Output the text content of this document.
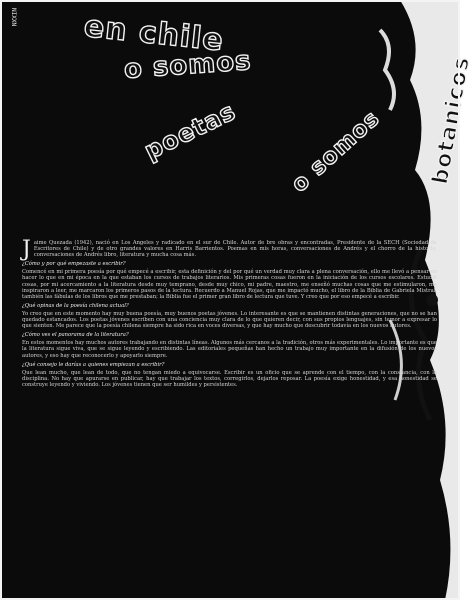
NIXXN en chile
o somos
poetas o somos botanicos

J aime Quezada (1942), nació en Los Angeles y radicado en el sur de Chile. Autor de bre obras y encontradas, Presidente de la SECH (Sociedad de Escritores de Chile) y de otro grandes valores en Harris Barrientos. Poemas en mis horas, conversaciones de Andrés y el chorro de la historia, conversaciones de Andrés libro, literatura y mucha cosa más.

¿Cómo y por qué empezaste a escribir?

Comencé en mi primera poesía por qué empecé a escribir, esta definición y del por qué un verdad muy clara a plena conversación, ello me llevó a pensar en hacer lo que en mi época en la que estaban los cursos de trabajos literarios. Mis primeras cosas fueron en la iniciación de los cursos escolares. Estudié cosas, por mi acercamiento a la literatura desde muy temprano, desde muy chico, mi padre, maestro, me enseñó muchas cosas que me estimularon, me inspiraron a leer, me marcaron los primeros pasos de la lectura. Recuerdo a Manuel Rojas, que me impactó mucho, el libro de la Biblia de Gabriela Mistral, también las fábulas de los libros que me prestaban; la Biblia fue el primer gran libro de lectura que tuve. Y creo que por eso empecé a escribir.

¿Qué opinas de la poesía chilena actual?

Yo creo que en este momento hay muy buena poesía, muy buenos poetas jóvenes. Lo interesante es que se mantienen distintas generaciones, que no se han quedado estancados. Los poetas jóvenes escriben con una conciencia muy clara de lo que quieren decir, con sus propios lenguajes, sin temor a expresar lo que sienten. Me parece que la poesía chilena siempre ha sido rica en voces diversas, y que hay mucho que descubrir todavía en los nuevos autores.

¿Cómo ves el panorama de la literatura?

En estos momentos hay muchos autores trabajando en distintas líneas. Algunos más cercanos a la tradición, otros más experimentales. Lo importante es que la literatura sigue viva, que se sigue leyendo y escribiendo. Las editoriales pequeñas han hecho un trabajo muy importante en la difusión de los nuevos autores, y eso hay que reconocerlo y apoyarlo siempre.

¿Qué consejo le darías a quienes empiezan a escribir?

Que lean mucho, que lean de todo, que no tengan miedo a equivocarse. Escribir es un oficio que se aprende con el tiempo, con la constancia, con la disciplina. No hay que apurarse en publicar, hay que trabajar los textos, corregirlos, dejarlos reposar. La poesía exige honestidad, y esa honestidad se construye leyendo y viviendo. Los jóvenes tienen que ser humildes y persistentes.
